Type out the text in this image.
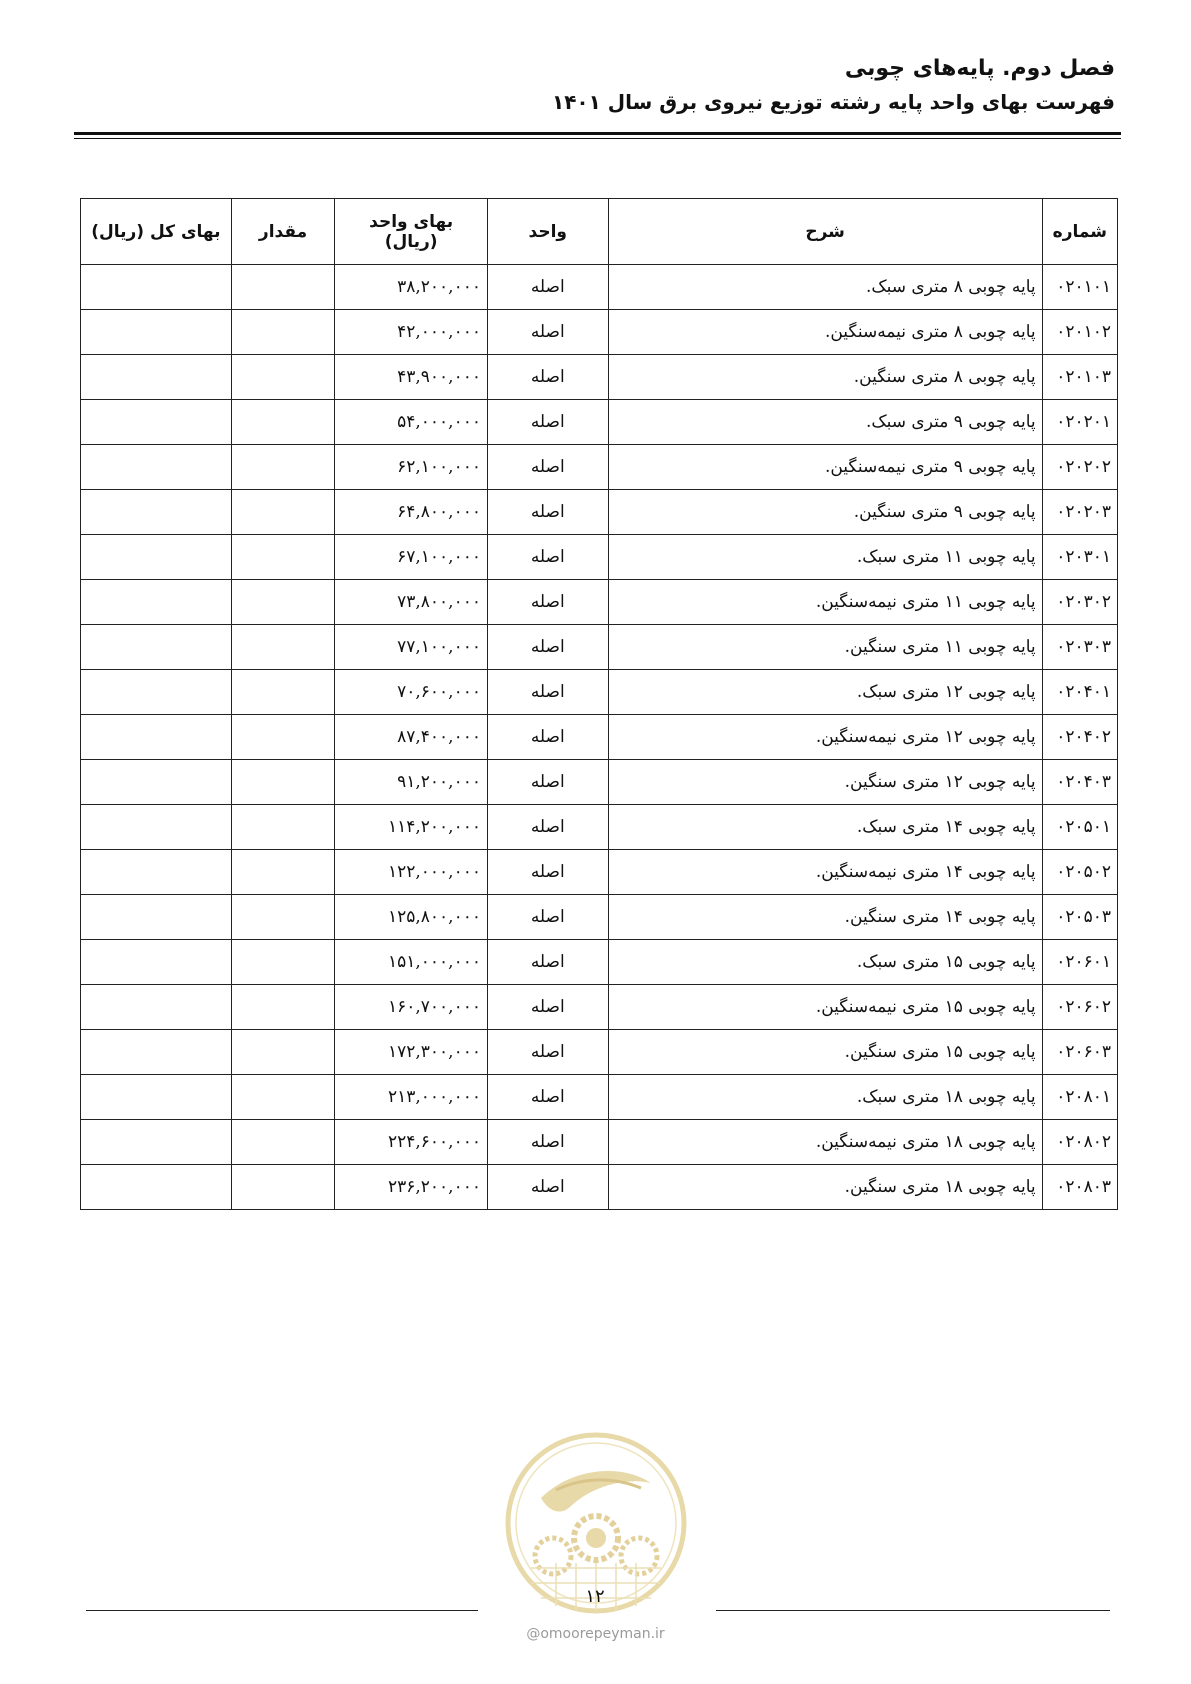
فصل دوم. پایه‌های چوبی
فهرست بهای واحد پایه رشته توزیع نیروی برق سال ۱۴۰۱
شماره	شرح	واحد	بهای واحد (ریال)	مقدار	بهای کل (ریال)
۰۲۰۱۰۱	پایه چوبی ۸ متری سبک.	اصله	۳۸,۲۰۰,۰۰۰		
۰۲۰۱۰۲	پایه چوبی ۸ متری نیمه‌سنگین.	اصله	۴۲,۰۰۰,۰۰۰		
۰۲۰۱۰۳	پایه چوبی ۸ متری سنگین.	اصله	۴۳,۹۰۰,۰۰۰		
۰۲۰۲۰۱	پایه چوبی ۹ متری سبک.	اصله	۵۴,۰۰۰,۰۰۰		
۰۲۰۲۰۲	پایه چوبی ۹ متری نیمه‌سنگین.	اصله	۶۲,۱۰۰,۰۰۰		
۰۲۰۲۰۳	پایه چوبی ۹ متری سنگین.	اصله	۶۴,۸۰۰,۰۰۰		
۰۲۰۳۰۱	پایه چوبی ۱۱ متری سبک.	اصله	۶۷,۱۰۰,۰۰۰		
۰۲۰۳۰۲	پایه چوبی ۱۱ متری نیمه‌سنگین.	اصله	۷۳,۸۰۰,۰۰۰		
۰۲۰۳۰۳	پایه چوبی ۱۱ متری سنگین.	اصله	۷۷,۱۰۰,۰۰۰		
۰۲۰۴۰۱	پایه چوبی ۱۲ متری سبک.	اصله	۷۰,۶۰۰,۰۰۰		
۰۲۰۴۰۲	پایه چوبی ۱۲ متری نیمه‌سنگین.	اصله	۸۷,۴۰۰,۰۰۰		
۰۲۰۴۰۳	پایه چوبی ۱۲ متری سنگین.	اصله	۹۱,۲۰۰,۰۰۰		
۰۲۰۵۰۱	پایه چوبی ۱۴ متری سبک.	اصله	۱۱۴,۲۰۰,۰۰۰		
۰۲۰۵۰۲	پایه چوبی ۱۴ متری نیمه‌سنگین.	اصله	۱۲۲,۰۰۰,۰۰۰		
۰۲۰۵۰۳	پایه چوبی ۱۴ متری سنگین.	اصله	۱۲۵,۸۰۰,۰۰۰		
۰۲۰۶۰۱	پایه چوبی ۱۵ متری سبک.	اصله	۱۵۱,۰۰۰,۰۰۰		
۰۲۰۶۰۲	پایه چوبی ۱۵ متری نیمه‌سنگین.	اصله	۱۶۰,۷۰۰,۰۰۰		
۰۲۰۶۰۳	پایه چوبی ۱۵ متری سنگین.	اصله	۱۷۲,۳۰۰,۰۰۰		
۰۲۰۸۰۱	پایه چوبی ۱۸ متری سبک.	اصله	۲۱۳,۰۰۰,۰۰۰		
۰۲۰۸۰۲	پایه چوبی ۱۸ متری نیمه‌سنگین.	اصله	۲۲۴,۶۰۰,۰۰۰		
۰۲۰۸۰۳	پایه چوبی ۱۸ متری سنگین.	اصله	۲۳۶,۲۰۰,۰۰۰		
۱۲
@omoorepeyman.ir
